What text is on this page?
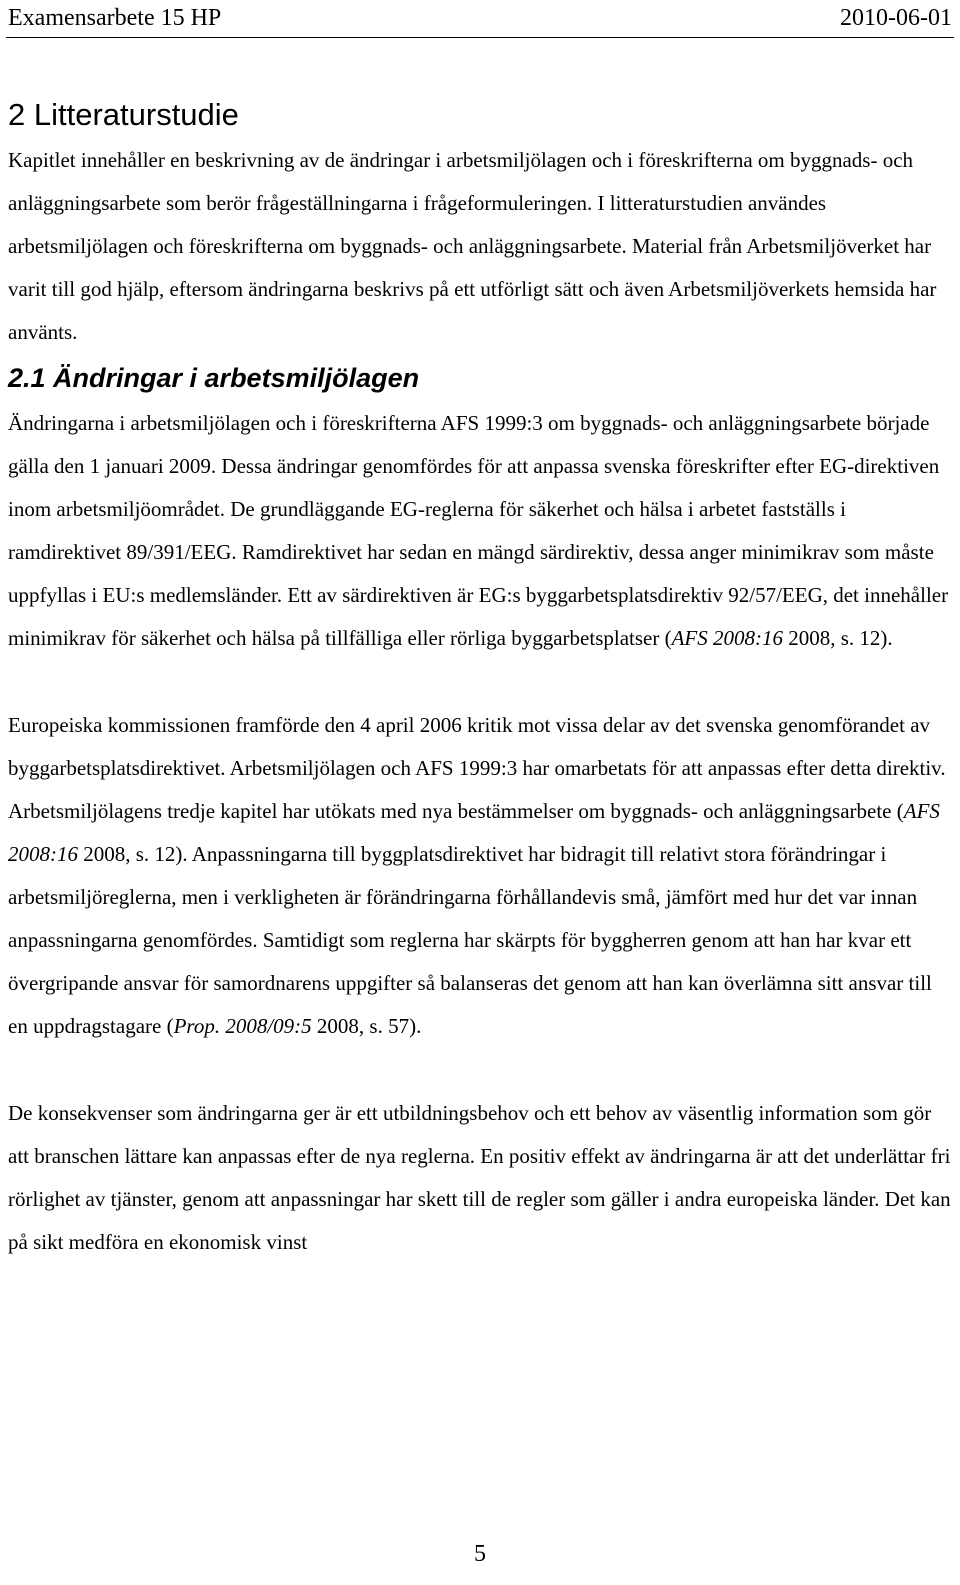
Examensarbete 15 HP	2010-06-01
2 Litteraturstudie

Kapitlet innehåller en beskrivning av de ändringar i arbetsmiljölagen och i föreskrifterna om byggnads- och anläggningsarbete som berör frågeställningarna i frågeformuleringen. I litteraturstudien användes arbetsmiljölagen och föreskrifterna om byggnads- och anläggningsarbete. Material från Arbetsmiljöverket har varit till god hjälp, eftersom ändringarna beskrivs på ett utförligt sätt och även Arbetsmiljöverkets hemsida har använts.

2.1 Ändringar i arbetsmiljölagen

Ändringarna i arbetsmiljölagen och i föreskrifterna AFS 1999:3 om byggnads- och anläggningsarbete började gälla den 1 januari 2009. Dessa ändringar genomfördes för att anpassa svenska föreskrifter efter EG-direktiven inom arbetsmiljöområdet. De grundläggande EG-reglerna för säkerhet och hälsa i arbetet fastställs i ramdirektivet 89/391/EEG. Ramdirektivet har sedan en mängd särdirektiv, dessa anger minimikrav som måste uppfyllas i EU:s medlemsländer. Ett av särdirektiven är EG:s byggarbetsplatsdirektiv 92/57/EEG, det innehåller minimikrav för säkerhet och hälsa på tillfälliga eller rörliga byggarbetsplatser (AFS 2008:16 2008, s. 12).

Europeiska kommissionen framförde den 4 april 2006 kritik mot vissa delar av det svenska genomförandet av byggarbetsplatsdirektivet. Arbetsmiljölagen och AFS 1999:3 har omarbetats för att anpassas efter detta direktiv. Arbetsmiljölagens tredje kapitel har utökats med nya bestämmelser om byggnads- och anläggningsarbete (AFS 2008:16 2008, s. 12). Anpassningarna till byggplatsdirektivet har bidragit till relativt stora förändringar i arbetsmiljöreglerna, men i verkligheten är förändringarna förhållandevis små, jämfört med hur det var innan anpassningarna genomfördes. Samtidigt som reglerna har skärpts för byggherren genom att han har kvar ett övergripande ansvar för samordnarens uppgifter så balanseras det genom att han kan överlämna sitt ansvar till en uppdragstagare (Prop. 2008/09:5 2008, s. 57).

De konsekvenser som ändringarna ger är ett utbildningsbehov och ett behov av väsentlig information som gör att branschen lättare kan anpassas efter de nya reglerna. En positiv effekt av ändringarna är att det underlättar fri rörlighet av tjänster, genom att anpassningar har skett till de regler som gäller i andra europeiska länder. Det kan på sikt medföra en ekonomisk vinst

5
